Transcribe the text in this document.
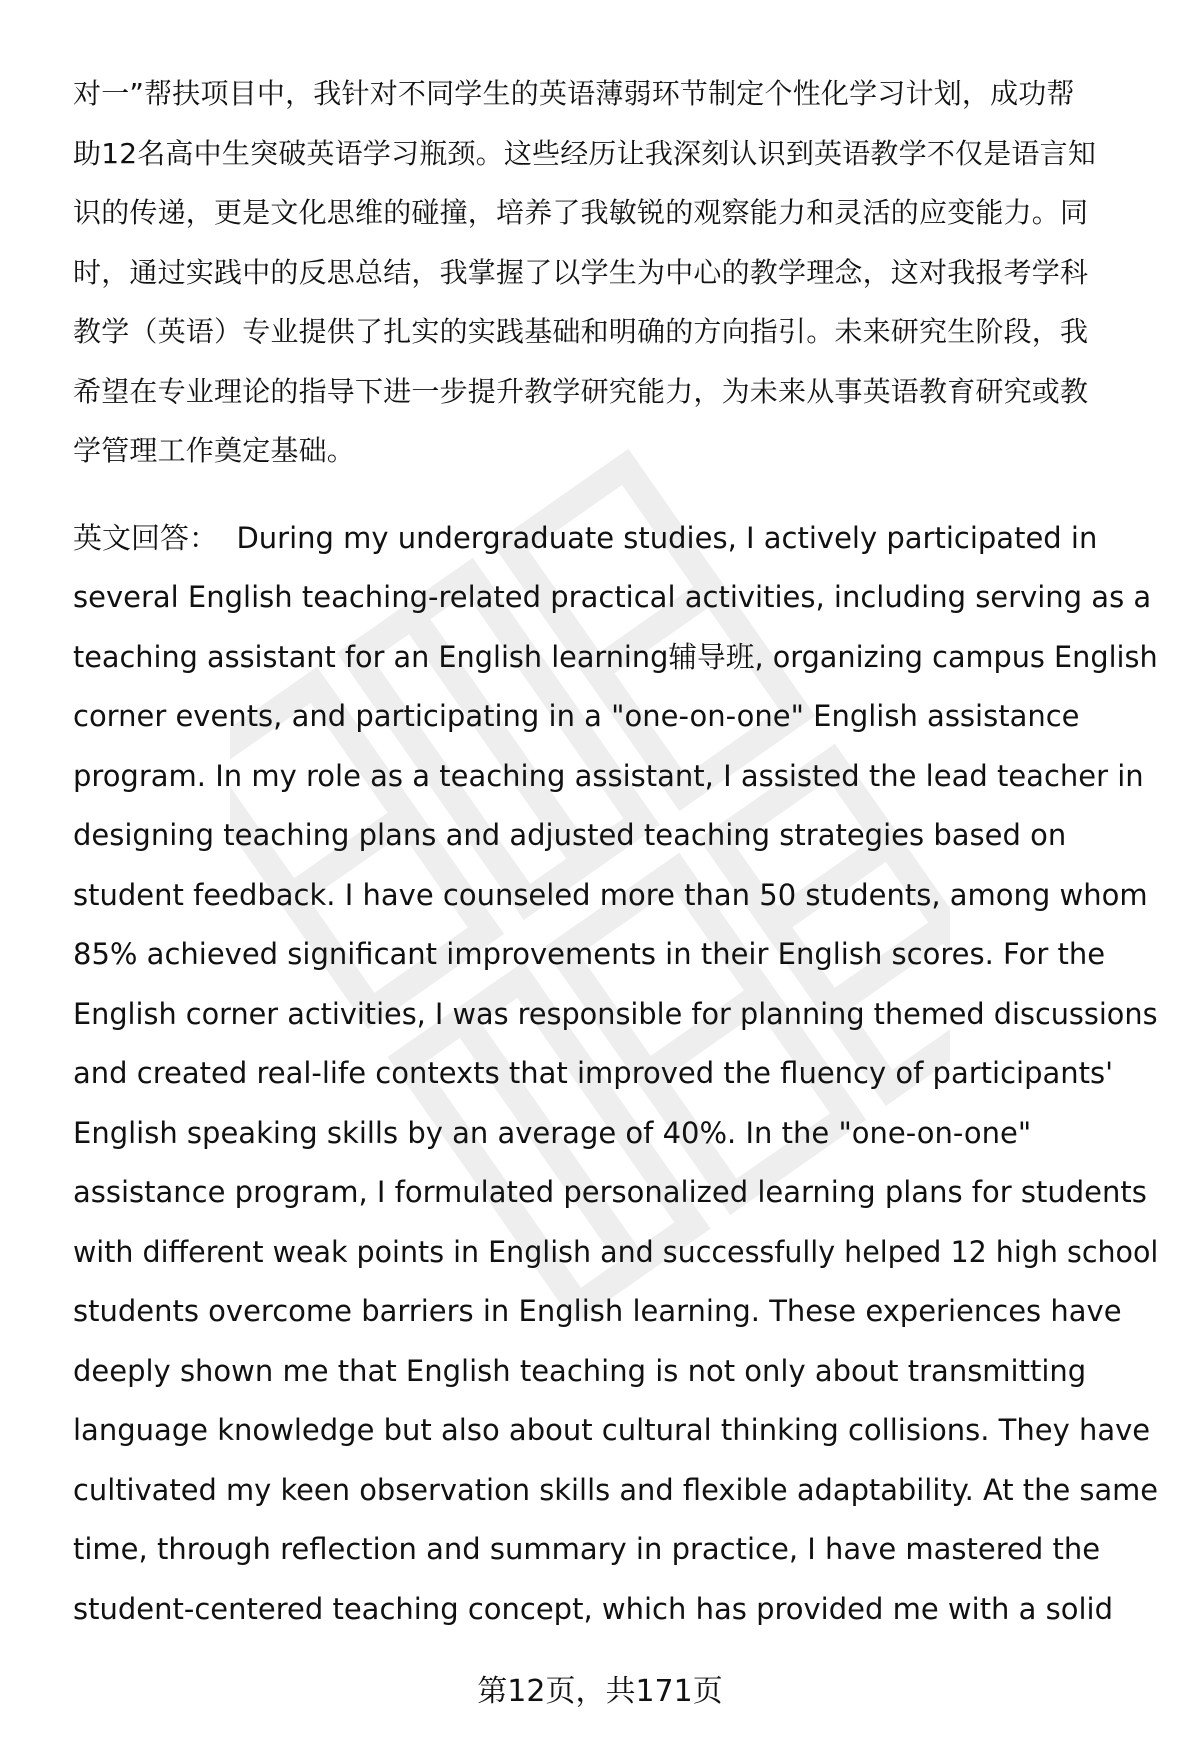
对一”帮扶项目中，我针对不同学生的英语薄弱环节制定个性化学习计划，成功帮
助12名高中生突破英语学习瓶颈。这些经历让我深刻认识到英语教学不仅是语言知
识的传递，更是文化思维的碰撞，培养了我敏锐的观察能力和灵活的应变能力。同
时，通过实践中的反思总结，我掌握了以学生为中心的教学理念，这对我报考学科
教学（英语）专业提供了扎实的实践基础和明确的方向指引。未来研究生阶段，我
希望在专业理论的指导下进一步提升教学研究能力，为未来从事英语教育研究或教
学管理工作奠定基础。

英文回答： During my undergraduate studies, I actively participated in
several English teaching-related practical activities, including serving as a
teaching assistant for an English learning辅导班, organizing campus English
corner events, and participating in a "one-on-one" English assistance
program. In my role as a teaching assistant, I assisted the lead teacher in
designing teaching plans and adjusted teaching strategies based on
student feedback. I have counseled more than 50 students, among whom
85% achieved significant improvements in their English scores. For the
English corner activities, I was responsible for planning themed discussions
and created real-life contexts that improved the fluency of participants'
English speaking skills by an average of 40%. In the "one-on-one"
assistance program, I formulated personalized learning plans for students
with different weak points in English and successfully helped 12 high school
students overcome barriers in English learning. These experiences have
deeply shown me that English teaching is not only about transmitting
language knowledge but also about cultural thinking collisions. They have
cultivated my keen observation skills and flexible adaptability. At the same
time, through reflection and summary in practice, I have mastered the
student-centered teaching concept, which has provided me with a solid

第12页，共171页
